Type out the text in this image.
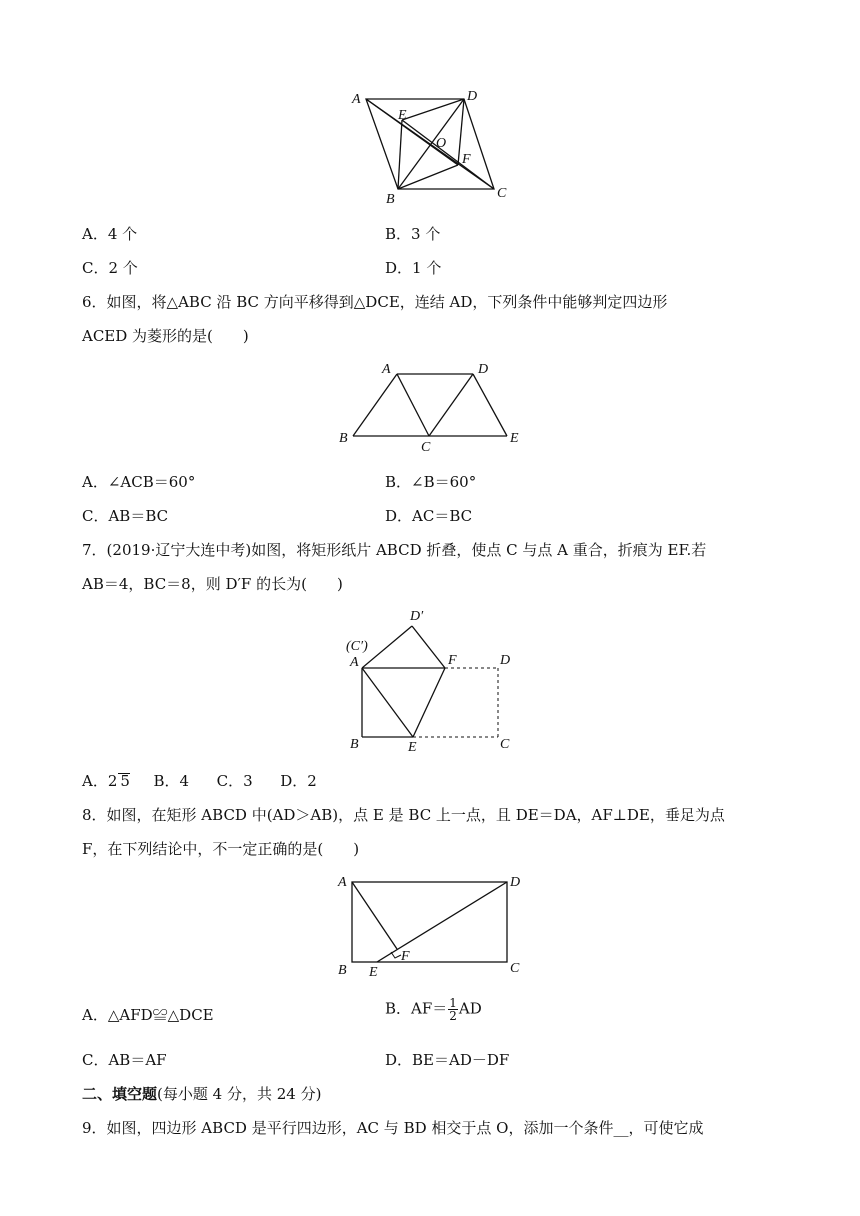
A	D
E
O
F
B	C
A．4 个	B．3 个
C．2 个	D．1 个
6．如图，将△ABC 沿 BC 方向平移得到△DCE，连结 AD，下列条件中能够判定四边形
ACED 为菱形的是(　　)
A	D
B
C
E
A．∠ACB＝60°	B．∠B＝60°
C．AB＝BC	D．AC＝BC
7．(2019·辽宁大连中考)如图，将矩形纸片 ABCD 折叠，使点 C 与点 A 重合，折痕为 EF.若
AB＝4，BC＝8，则 D′F 的长为(　　)
D′
(C′)
A	F	D
B	E	C
A．2 5 B．4 C．3 D．2
8．如图，在矩形 ABCD 中(AD＞AB)，点 E 是 BC 上一点，且 DE＝DA，AF⊥DE，垂足为点
F，在下列结论中，不一定正确的是(　　)
A	D
F
B E	C
A．△AFD≌△DCE	B．$AF= \frac{1}{2}$ AD
C．AB＝AF	D．BE＝AD－DF
二、填空题(每小题 4 分，共 24 分)
9．如图，四边形 ABCD 是平行四边形，AC 与 BD 相交于点 O，添加一个条件__，可使它成
